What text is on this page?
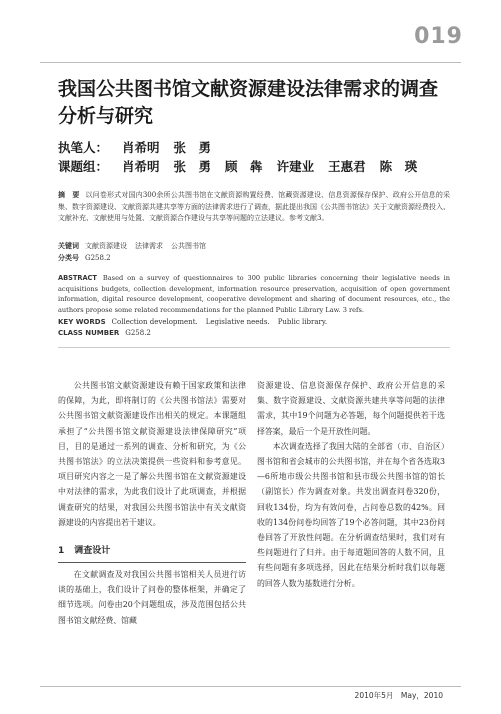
019
我国公共图书馆文献资源建设法律需求的调查分析与研究
执笔人： 肖希明 张　勇
课题组： 肖希明 张　勇 顾　犇 许建业 王惠君 陈　瑛
摘　要 以问卷形式对国内300余所公共图书馆在文献资源购置经费、馆藏资源建设、信息资源保存保护、政府公开信息的采集、数字资源建设、文献资源共建共享等方面的法律需求进行了调查，据此提出我国《公共图书馆法》关于文献资源经费投入、文献补充、文献使用与处置、文献资源合作建设与共享等问题的立法建议。参考文献3。
关键词 文献资源建设 法律需求 公共图书馆
分类号 G258.2
ABSTRACT Based on a survey of questionnaires to 300 public libraries concerning their legislative needs in acquisitions budgets, collection development, information resource preservation, acquisition of open government information, digital resource development, cooperative development and sharing of document resources, etc., the authors propose some related recommendations for the planned Public Library Law. 3 refs.
KEY WORDS Collection development. Legislative needs. Public library.
CLASS NUMBER G258.2

公共图书馆文献资源建设有赖于国家政策和法律的保障，为此，即将制订的《公共图书馆法》需要对公共图书馆文献资源建设作出相关的规定。本课题组承担了“公共图书馆文献资源建设法律保障研究”项目，目的是通过一系列的调查、分析和研究，为《公共图书馆法》的立法决策提供一些资料和参考意见。项目研究内容之一是了解公共图书馆在文献资源建设中对法律的需求，为此我们设计了此项调查，并根据调查研究的结果，对我国公共图书馆法中有关文献资源建设的内容提出若干建议。

1 调查设计

在文献调查及对我国公共图书馆相关人员进行访谈的基础上，我们设计了问卷的整体框架，并确定了细节选项。问卷由20个问题组成，涉及范围包括公共图书馆文献经费、馆藏

资源建设、信息资源保存保护、政府公开信息的采集、数字资源建设、文献资源共建共享等问题的法律需求，其中19个问题为必答题，每个问题提供若干选择答案，最后一个是开放性问题。

本次调查选择了我国大陆的全部省（市、自治区）图书馆和省会城市的公共图书馆，并在每个省各选取3—6所地市级公共图书馆和县市级公共图书馆的馆长（副馆长）作为调查对象。共发出调查问卷320份，回收134份，均为有效问卷，占问卷总数的42%。回收的134份问卷均回答了19个必答问题，其中23份问卷回答了开放性问题。在分析调查结果时，我们对有些问题进行了归并。由于每道题回答的人数不同，且有些问题有多项选择，因此在结果分析时我们以每题的回答人数为基数进行分析。

2010年5月　May，2010
